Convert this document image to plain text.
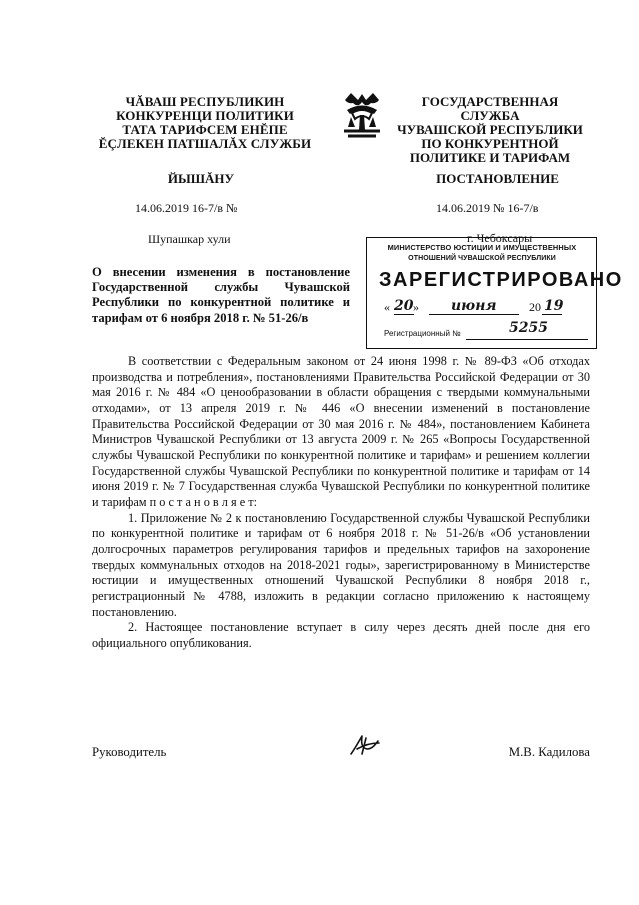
ЧĂВАШ РЕСПУБЛИКИН
КОНКУРЕНЦИ ПОЛИТИКИ
ТАТА ТАРИФСЕМ ЕНĔПЕ
ĔÇЛЕКЕН ПАТШАЛĂХ СЛУЖБИ
ГОСУДАРСТВЕННАЯ СЛУЖБА
ЧУВАШСКОЙ РЕСПУБЛИКИ
ПО КОНКУРЕНТНОЙ
ПОЛИТИКЕ И ТАРИФАМ
ЙЫШĂНУ	ПОСТАНОВЛЕНИЕ
14.06.2019 16-7/в №	14.06.2019 № 16-7/в
Шупашкар хули	г. Чебоксары
МИНИСТЕРСТВО ЮСТИЦИИ И ИМУЩЕСТВЕННЫХ
ОТНОШЕНИЙ ЧУВАШСКОЙ РЕСПУБЛИКИ
ЗАРЕГИСТРИРОВАНО
« 20 » июня	20 19
Регистрационный №	5255
О внесении изменения в постановление Государственной службы Чувашской Республики по конкурентной политике и тарифам от 6 ноября 2018 г. № 51-26/в

В соответствии с Федеральным законом от 24 июня 1998 г. № 89-ФЗ «Об отходах производства и потребления», постановлениями Правительства Российской Федерации от 30 мая 2016 г. № 484 «О ценообразовании в области обращения с твердыми коммунальными отходами», от 13 апреля 2019 г. № 446 «О внесении изменений в постановление Правительства Российской Федерации от 30 мая 2016 г. № 484», постановлением Кабинета Министров Чувашской Республики от 13 августа 2009 г. № 265 «Вопросы Государственной службы Чувашской Республики по конкурентной политике и тарифам» и решением коллегии Государственной службы Чувашской Республики по конкурентной политике и тарифам от 14 июня 2019 г. № 7 Государственная служба Чувашской Республики по конкурентной политике и тарифам п о с т а н о в л я е т:

1. Приложение № 2 к постановлению Государственной службы Чувашской Республики по конкурентной политике и тарифам от 6 ноября 2018 г. № 51-26/в «Об установлении долгосрочных параметров регулирования тарифов и предельных тарифов на захоронение твердых коммунальных отходов на 2018-2021 годы», зарегистрированному в Министерстве юстиции и имущественных отношений Чувашской Республики 8 ноября 2018 г., регистрационный № 4788, изложить в редакции согласно приложению к настоящему постановлению.

2. Настоящее постановление вступает в силу через десять дней после дня его официального опубликования.

Руководитель	М.В. Кадилова
